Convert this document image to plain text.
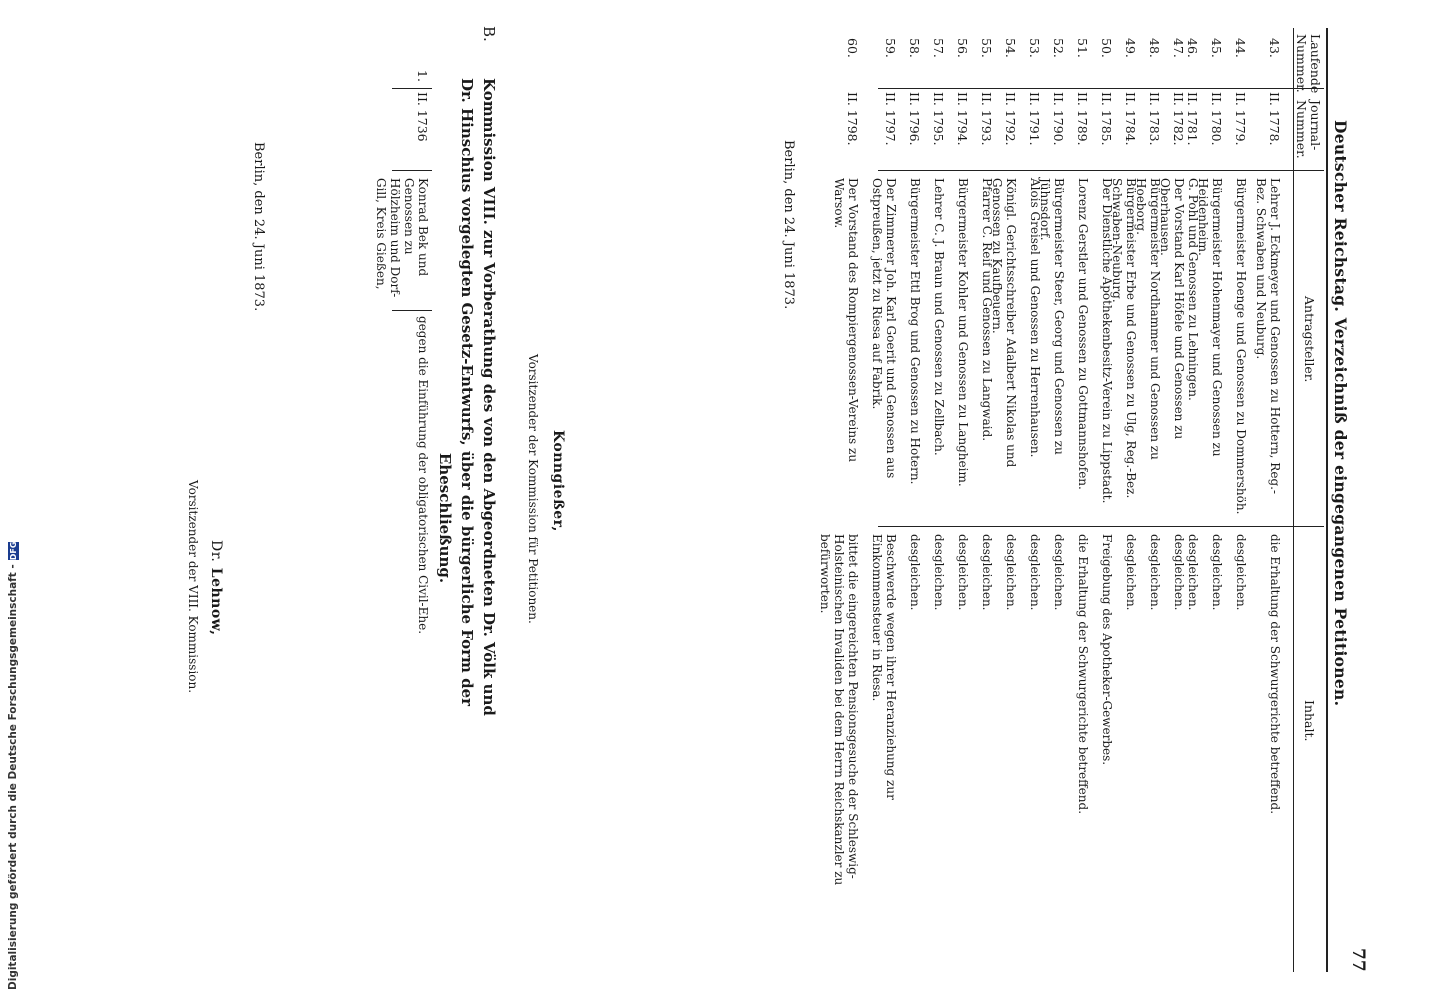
Digitalisierung gefördert durch die Deutsche Forschungsgemeinschaft -
DFG	Deutscher Reichstag. Verzeichniß der eingegangenen Petitionen.
77
Laufende
Nummer.
Journal-
Nummer.
Antragsteller.
Inhalt.
43.
II. 1778.
Lehrer J. Eckmeyer und Genossen zu Hottern, Reg.-Bez. Schwaben und Neuburg.
die Erhaltung der Schwurgerichte betreffend.
44.
II. 1779.
Bürgermeister Hoenge und Genossen zu Dommershöh.
desgleichen.
45.
II. 1780.
Bürgermeister Hohenmayer und Genossen zu Heidenheim.
desgleichen.
46.
II. 1781.
G. Pohl und Genossen zu Lehningen.
desgleichen.
47.
II. 1782.
Der Vorstand Karl Höfele und Genossen zu Oberhausen.
desgleichen.
48.
II. 1783.
Bürgermeister Nordhammer und Genossen zu Hoeborg.
desgleichen.
49.
II. 1784.
Bürgermeister Erbe und Genossen zu Ulg, Reg.-Bez. Schwaben-Neuburg.
desgleichen.
50.
II. 1785.
Der Dienstliche Apothekenbesitz-Verein zu Lippstadt.
Freigebung des Apotheker-Gewerbes.
51.
II. 1789.
Lorenz Gerstler und Genossen zu Gottmannshofen.
die Erhaltung der Schwurgerichte betreffend.
52.
II. 1790.
Bürgermeister Steer, Georg und Genossen zu Jühnsdorf.
desgleichen.
53.
II. 1791.
Alois Greisel und Genossen zu Herrenhausen.
desgleichen.
54.
II. 1792.
Königl. Gerichtsschreiber Adalbert Nikolas und Genossen zu Kaufbeuern.
desgleichen.
55.
II. 1793.
Pfarrer C. Reif und Genossen zu Langwaid.
desgleichen.
56.
II. 1794.
Bürgermeister Kohler und Genossen zu Langheim.
desgleichen.
57.
II. 1795.
Lehrer C. J. Braun und Genossen zu Zellbach.
desgleichen.
58.
II. 1796.
Bürgermeister Ettl Brog und Genossen zu Hotern.
desgleichen.
59.
II. 1797.
Der Zimmerer Joh. Karl Goerit und Genossen aus Ostpreußen, jetzt zu Riesa auf Fabrik.
Beschwerde wegen ihrer Heranziehung zur Einkommensteuer in Riesa.
60.
II. 1798.
Der Vorstand des Rompiergenossen-Vereins zu Warsow.
bittet die eingereichten Pensionsgesuche der Schleswig-Holsteinischen Invaliden bei dem Herrn Reichskanzler zu befürworten.
Berlin, den 24. Juni 1873.
Konngießer,
Vorsitzender der Kommission für Petitionen.
B.
Kommission VIII. zur Vorberathung des von den Abgeordneten Dr. Völk und
Dr. Hinschius vorgelegten Gesetz-Entwurfs, über die bürgerliche Form der
Eheschließung.
1.
II. 1736
Konrad Bek und Genossen zu Hölzheim und Dorf-Gill, Kreis Gießen,
gegen die Einführung der obligatorischen Civil-Ehe.
Berlin, den 24. Juni 1873.
Dr. Lehnow,
Vorsitzender der VIII. Kommission.
